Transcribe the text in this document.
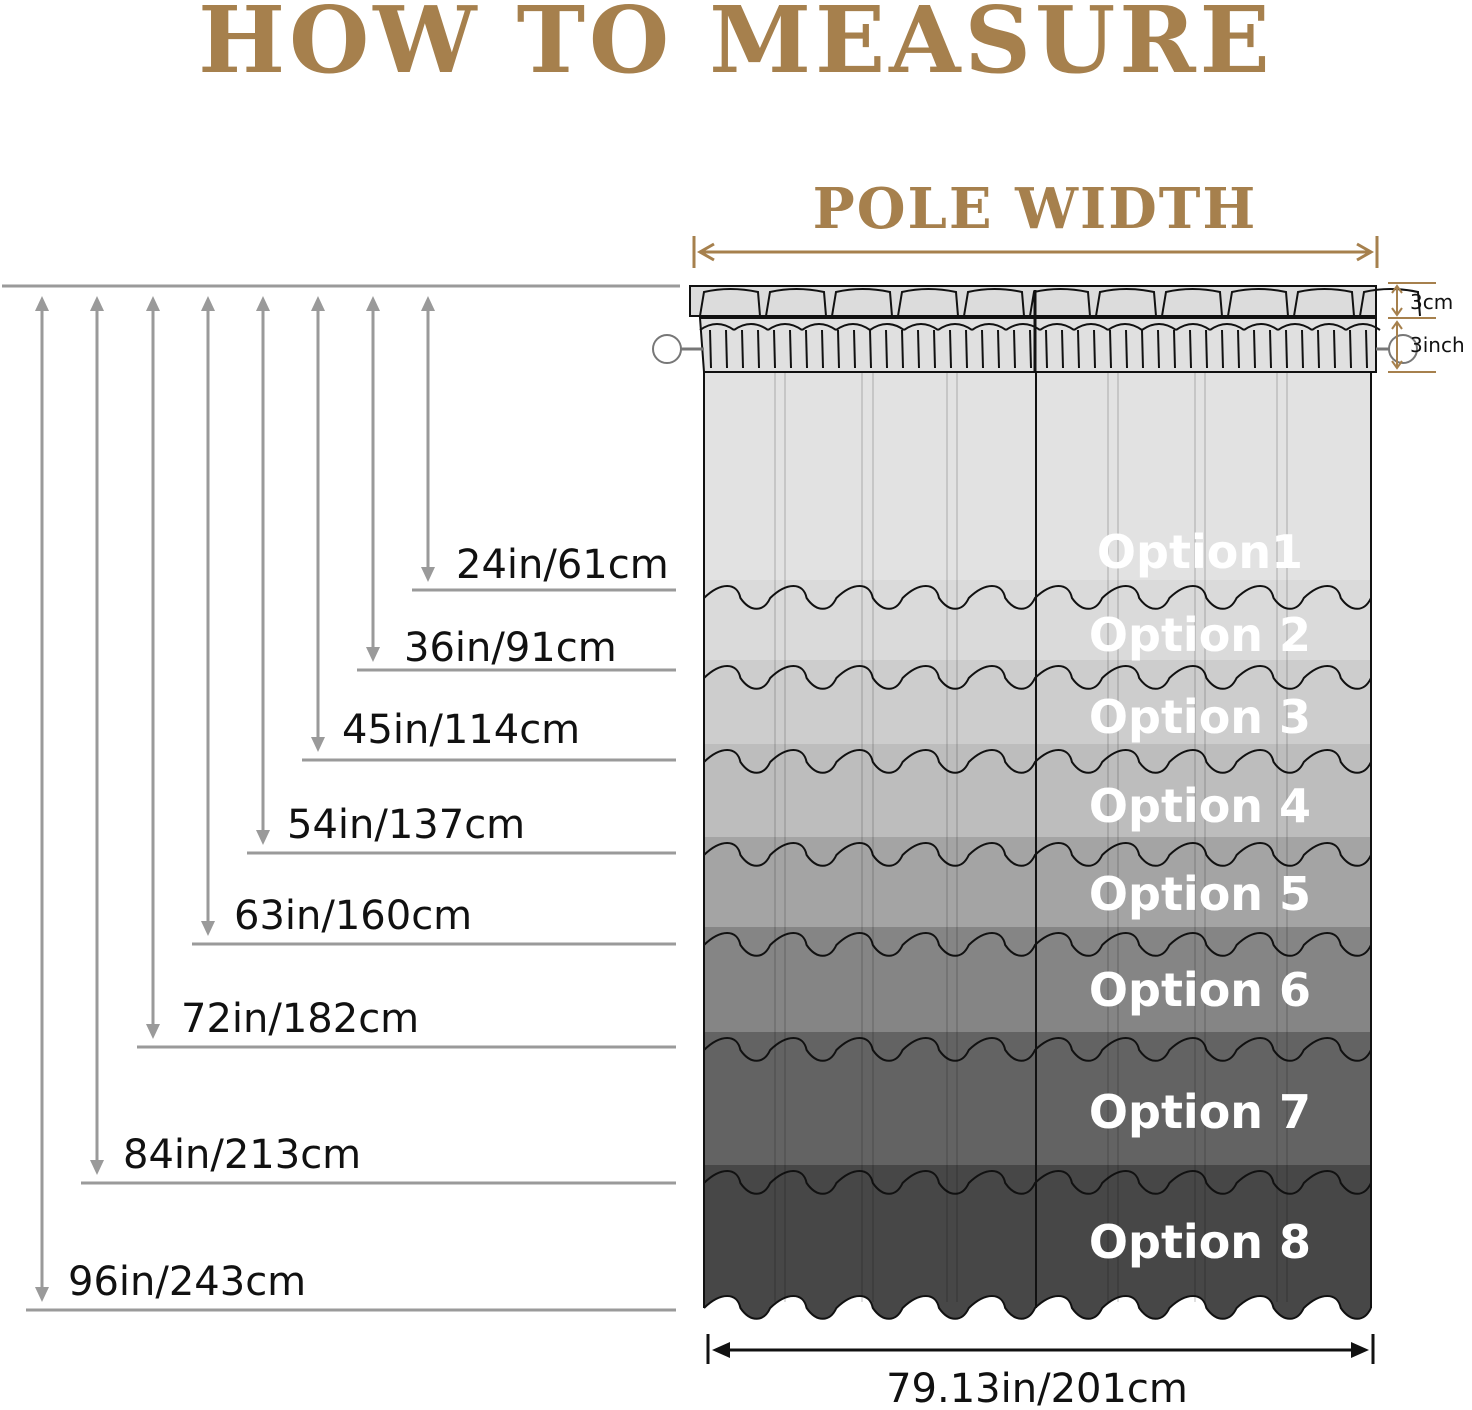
HOW TO MEASURE
POLE WIDTH
24in/61cm
36in/91cm
45in/114cm
54in/137cm
63in/160cm
72in/182cm
84in/213cm
96in/243cm
Option1
Option 2
Option 3
Option 4
Option 5
Option 6
Option 7
Option 8
3cm
3inch
79.13in/201cm
